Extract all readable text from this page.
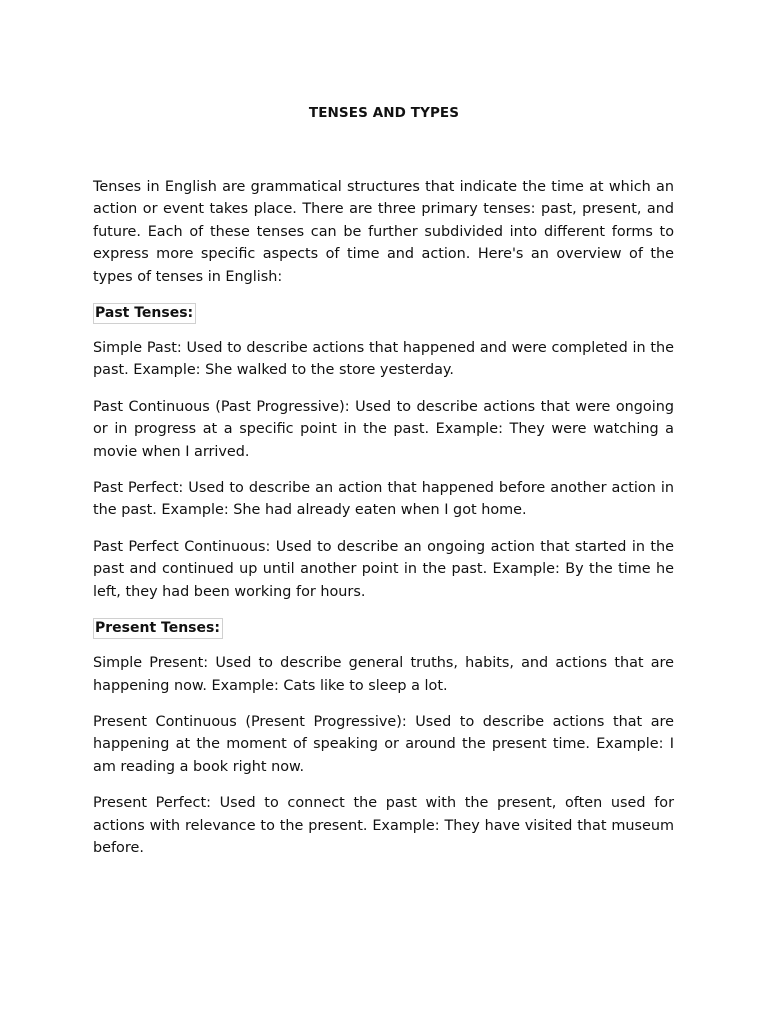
TENSES AND TYPES

Tenses in English are grammatical structures that indicate the time at which an action or event takes place. There are three primary tenses: past, present, and future. Each of these tenses can be further subdivided into different forms to express more specific aspects of time and action. Here's an overview of the types of tenses in English:

Past Tenses:

Simple Past: Used to describe actions that happened and were completed in the past. Example: She walked to the store yesterday.

Past Continuous (Past Progressive): Used to describe actions that were ongoing or in progress at a specific point in the past. Example: They were watching a movie when I arrived.

Past Perfect: Used to describe an action that happened before another action in the past. Example: She had already eaten when I got home.

Past Perfect Continuous: Used to describe an ongoing action that started in the past and continued up until another point in the past. Example: By the time he left, they had been working for hours.

Present Tenses:

Simple Present: Used to describe general truths, habits, and actions that are happening now. Example: Cats like to sleep a lot.

Present Continuous (Present Progressive): Used to describe actions that are happening at the moment of speaking or around the present time. Example: I am reading a book right now.

Present Perfect: Used to connect the past with the present, often used for actions with relevance to the present. Example: They have visited that museum before.
